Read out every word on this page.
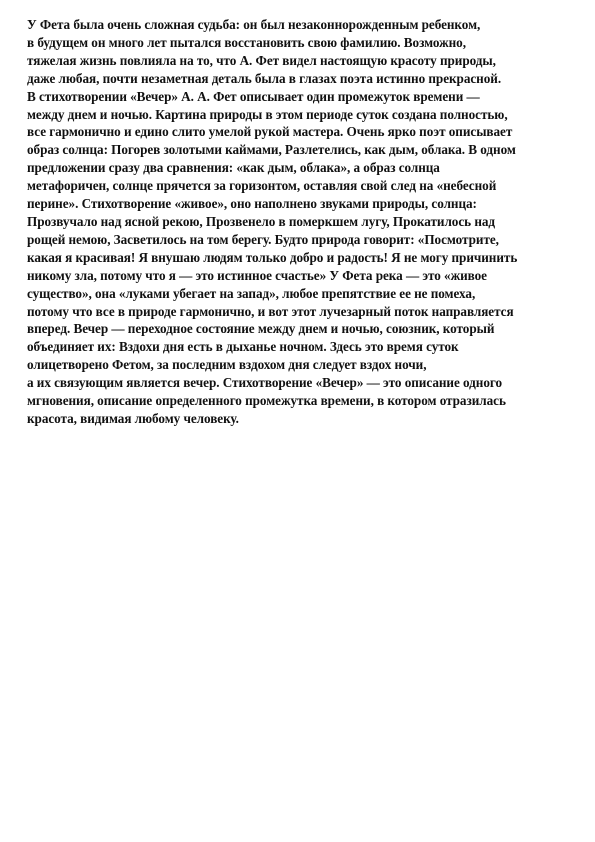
У Фета была очень сложная судьба: он был незаконнорожденным ребенком,
в будущем он много лет пытался восстановить свою фамилию. Возможно,
тяжелая жизнь повлияла на то, что А. Фет видел настоящую красоту природы,
даже любая, почти незаметная деталь была в глазах поэта истинно прекрасной.
В стихотворении «Вечер» А. А. Фет описывает один промежуток времени —
между днем и ночью. Картина природы в этом периоде суток создана полностью,
все гармонично и едино слито умелой рукой мастера. Очень ярко поэт описывает
образ солнца: Погорев золотыми каймами, Разлетелись, как дым, облака. В одном
предложении сразу два сравнения: «как дым, облака», а образ солнца
метафоричен, солнце прячется за горизонтом, оставляя свой след на «небесной
перине». Стихотворение «живое», оно наполнено звуками природы, солнца:
Прозвучало над ясной рекою, Прозвенело в померкшем лугу, Прокатилось над
рощей немою, Засветилось на том берегу. Будто природа говорит: «Посмотрите,
какая я красивая! Я внушаю людям только добро и радость! Я не могу причинить
никому зла, потому что я — это истинное счастье» У Фета река — это «живое
существо», она «луками убегает на запад», любое препятствие ее не помеха,
потому что все в природе гармонично, и вот этот лучезарный поток направляется
вперед. Вечер — переходное состояние между днем и ночью, союзник, который
объединяет их: Вздохи дня есть в дыханье ночном. Здесь это время суток
олицетворено Фетом, за последним вздохом дня следует вздох ночи,
а их связующим является вечер. Стихотворение «Вечер» — это описание одного
мгновения, описание определенного промежутка времени, в котором отразилась
красота, видимая любому человеку.
